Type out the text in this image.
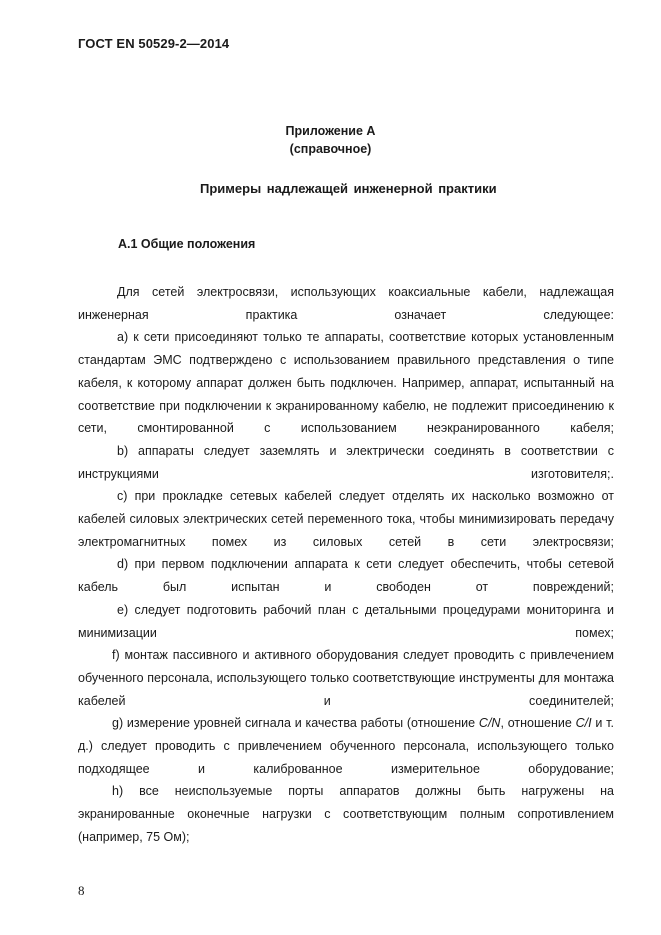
ГОСТ EN 50529-2—2014
Приложение А
(справочное)
Примеры надлежащей инженерной практики
А.1 Общие положения

Для сетей электросвязи, использующих коаксиальные кабели, надлежащая инженерная практика означает следующее:

а) к сети присоединяют только те аппараты, соответствие которых установленным стандартам ЭМС подтверждено с использованием правильного представления о типе кабеля, к которому аппарат должен быть подключен. Например, аппарат, испытанный на соответствие при подключении к экранированному кабелю, не подлежит присоединению к сети, смонтированной с использованием неэкранированного кабеля;

b) аппараты следует заземлять и электрически соединять в соответствии с инструкциями изготовителя;.

c) при прокладке сетевых кабелей следует отделять их насколько возможно от кабелей силовых электрических сетей переменного тока, чтобы минимизировать передачу электромагнитных помех из силовых сетей в сети электросвязи;

d) при первом подключении аппарата к сети следует обеспечить, чтобы сетевой кабель был испытан и свободен от повреждений;

e) следует подготовить рабочий план с детальными процедурами мониторинга и минимизации помех;

f) монтаж пассивного и активного оборудования следует проводить с привлечением обученного персонала, использующего только соответствующие инструменты для монтажа кабелей и соединителей;

g) измерение уровней сигнала и качества работы (отношение C/N, отношение C/I и т. д.) следует проводить с привлечением обученного персонала, использующего только подходящее и калиброванное измерительное оборудование;

h) все неиспользуемые порты аппаратов должны быть нагружены на экранированные оконечные нагрузки с соответствующим полным сопротивлением (например, 75 Ом);

8
